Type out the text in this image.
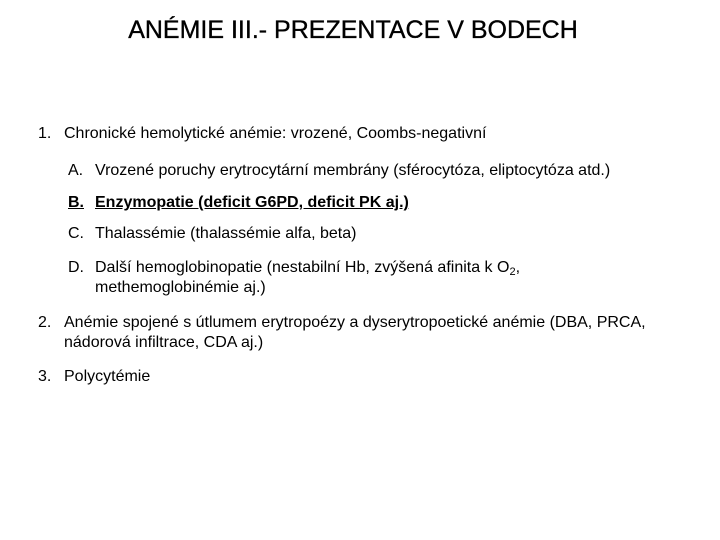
ANÉMIE III.- PREZENTACE V BODECH
1. Chronické hemolytické anémie: vrozené, Coombs-negativní
A. Vrozené poruchy erytrocytární membrány (sférocytóza, eliptocytóza atd.)
B. Enzymopatie (deficit G6PD, deficit PK aj.)
C. Thalassémie (thalassémie alfa, beta)
D. Další hemoglobinopatie (nestabilní Hb, zvýšená afinita k $O_2$, methemoglobinémie aj.)
2. Anémie spojené s útlumem erytropoézy a dyserytropoetické anémie (DBA, PRCA, nádorová infiltrace, CDA aj.)
3. Polycytémie
